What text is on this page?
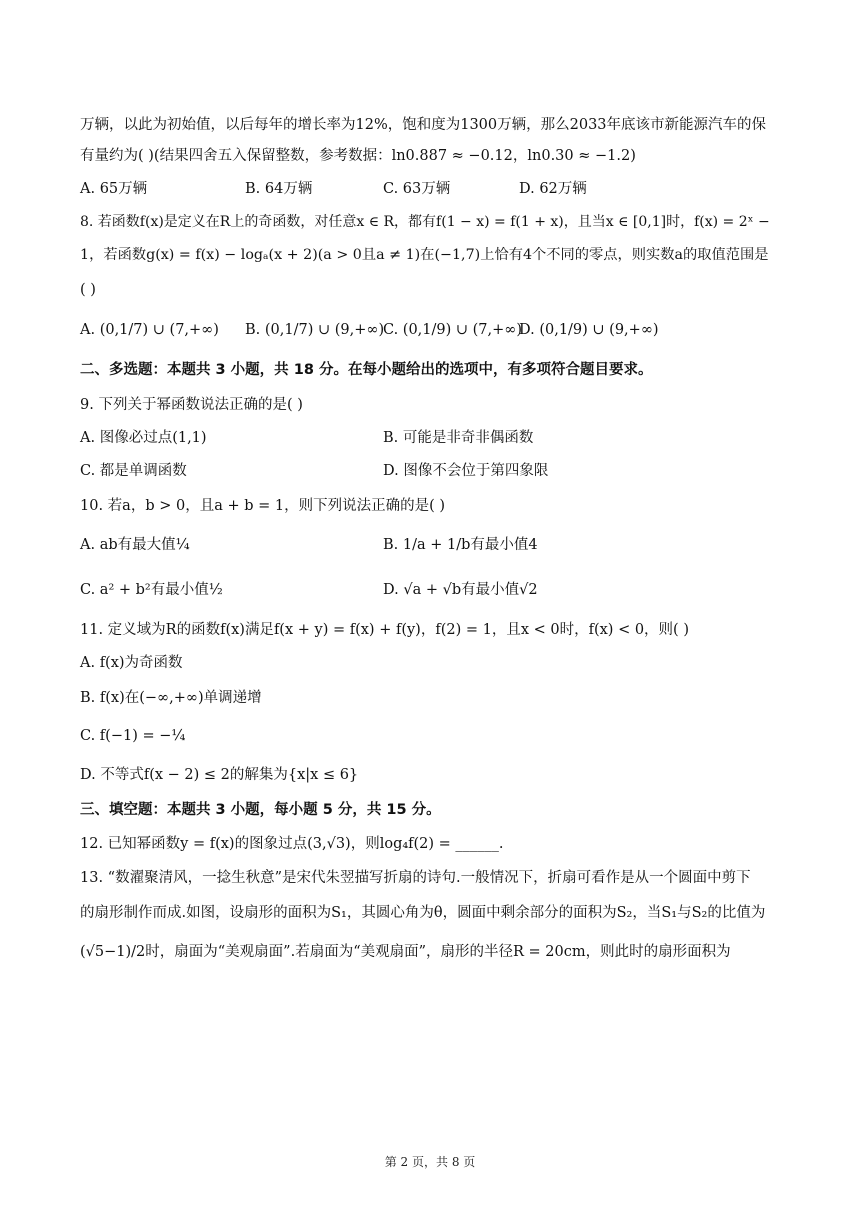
万辆，以此为初始值，以后每年的增长率为12%，饱和度为1300万辆，那么2033年底该市新能源汽车的保
有量约为( )(结果四舍五入保留整数，参考数据：ln0.887 ≈ −0.12，ln0.30 ≈ −1.2)
A. 65万辆	B. 64万辆	C. 63万辆	D. 62万辆
8. 若函数f(x)是定义在R上的奇函数，对任意x ∈ R，都有f(1 − x) = f(1 + x)，且当x ∈ [0,1]时，f(x) = 2ˣ −
1，若函数g(x) = f(x) − logₐ(x + 2)(a > 0且a ≠ 1)在(−1,7)上恰有4个不同的零点，则实数a的取值范围是
( )
A. (0,1/7) ∪ (7,+∞) B. (0,1/7) ∪ (9,+∞)
C. (0,1/9) ∪ (7,+∞)
D. (0,1/9) ∪ (9,+∞)
二、多选题：本题共 3 小题，共 18 分。在每小题给出的选项中，有多项符合题目要求。
9. 下列关于幂函数说法正确的是( )
A. 图像必过点(1,1)	B. 可能是非奇非偶函数
C. 都是单调函数	D. 图像不会位于第四象限
10. 若a，b > 0，且a + b = 1，则下列说法正确的是( )
A. ab有最大值¼	B. 1/a + 1/b有最小值4
C. a² + b²有最小值½	D. √a + √b有最小值√2
11. 定义域为R的函数f(x)满足f(x + y) = f(x) + f(y)，f(2) = 1，且x < 0时，f(x) < 0，则( )
A. f(x)为奇函数
B. f(x)在(−∞,+∞)单调递增
C. f(−1) = −¼
D. 不等式f(x − 2) ≤ 2的解集为{x|x ≤ 6}
三、填空题：本题共 3 小题，每小题 5 分，共 15 分。
12. 已知幂函数y = f(x)的图象过点(3,√3)，则log₄f(2) = ______.
13. “数濯聚清风，一捻生秋意”是宋代朱翌描写折扇的诗句.一般情况下，折扇可看作是从一个圆面中剪下
的扇形制作而成.如图，设扇形的面积为S₁，其圆心角为θ，圆面中剩余部分的面积为S₂，当S₁与S₂的比值为
(√5−1)/2时，扇面为“美观扇面”.若扇面为“美观扇面”，扇形的半径R = 20cm，则此时的扇形面积为
第 2 页，共 8 页
